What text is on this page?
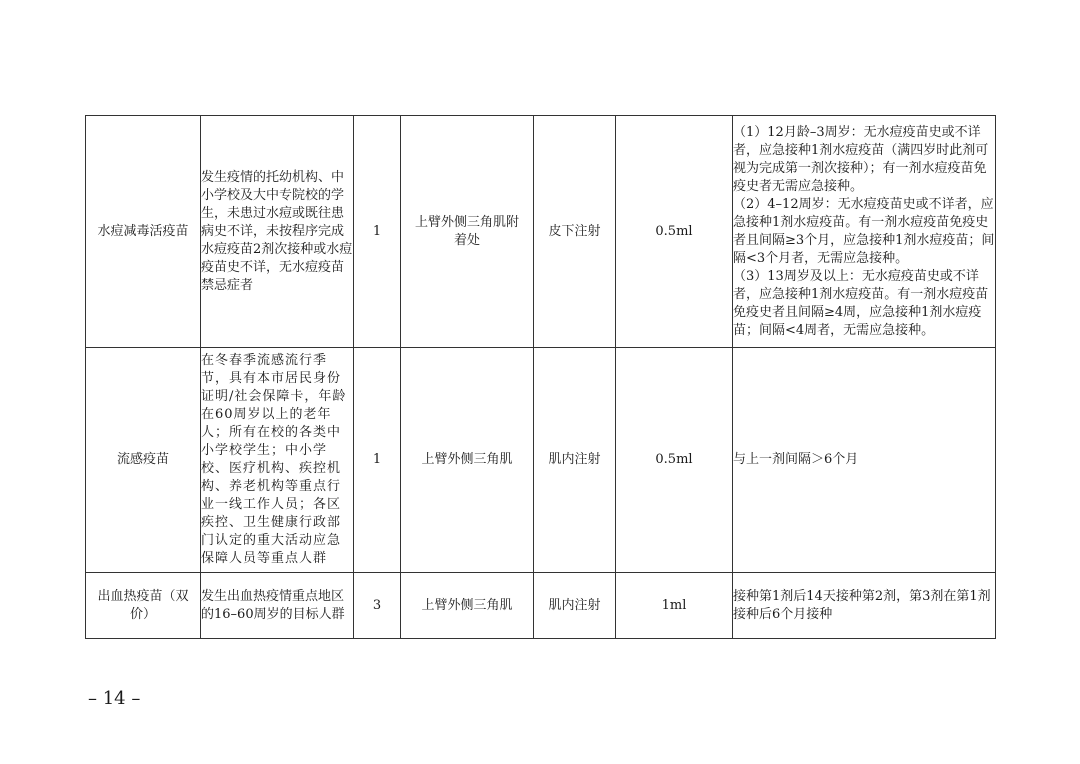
水痘减毒活疫苗	发生疫情的托幼机构、中小学校及大中专院校的学生，未患过水痘或既往患病史不详，未按程序完成水痘疫苗2剂次接种或水痘疫苗史不详，无水痘疫苗禁忌症者	1	上臂外侧三角肌附着处	皮下注射	0.5ml	（1）12月龄–3周岁：无水痘疫苗史或不详者，应急接种1剂水痘疫苗（满四岁时此剂可视为完成第一剂次接种）；有一剂水痘疫苗免疫史者无需应急接种。
（2）4–12周岁：无水痘疫苗史或不详者，应急接种1剂水痘疫苗。有一剂水痘疫苗免疫史者且间隔≥3个月，应急接种1剂水痘疫苗；间隔<3个月者，无需应急接种。
（3）13周岁及以上：无水痘疫苗史或不详者，应急接种1剂水痘疫苗。有一剂水痘疫苗免疫史者且间隔≥4周，应急接种1剂水痘疫苗；间隔<4周者，无需应急接种。

流感疫苗	在冬春季流感流行季节，具有本市居民身份证明/社会保障卡，年龄在60周岁以上的老年人；所有在校的各类中小学校学生；中小学校、医疗机构、疾控机构、养老机构等重点行业一线工作人员；各区疾控、卫生健康行政部门认定的重大活动应急保障人员等重点人群	1	上臂外侧三角肌	肌内注射	0.5ml	与上一剂间隔＞6个月
出血热疫苗（双价）	发生出血热疫情重点地区的16–60周岁的目标人群	3	上臂外侧三角肌	肌内注射	1ml	接种第1剂后14天接种第2剂，第3剂在第1剂接种后6个月接种
– 14 –
